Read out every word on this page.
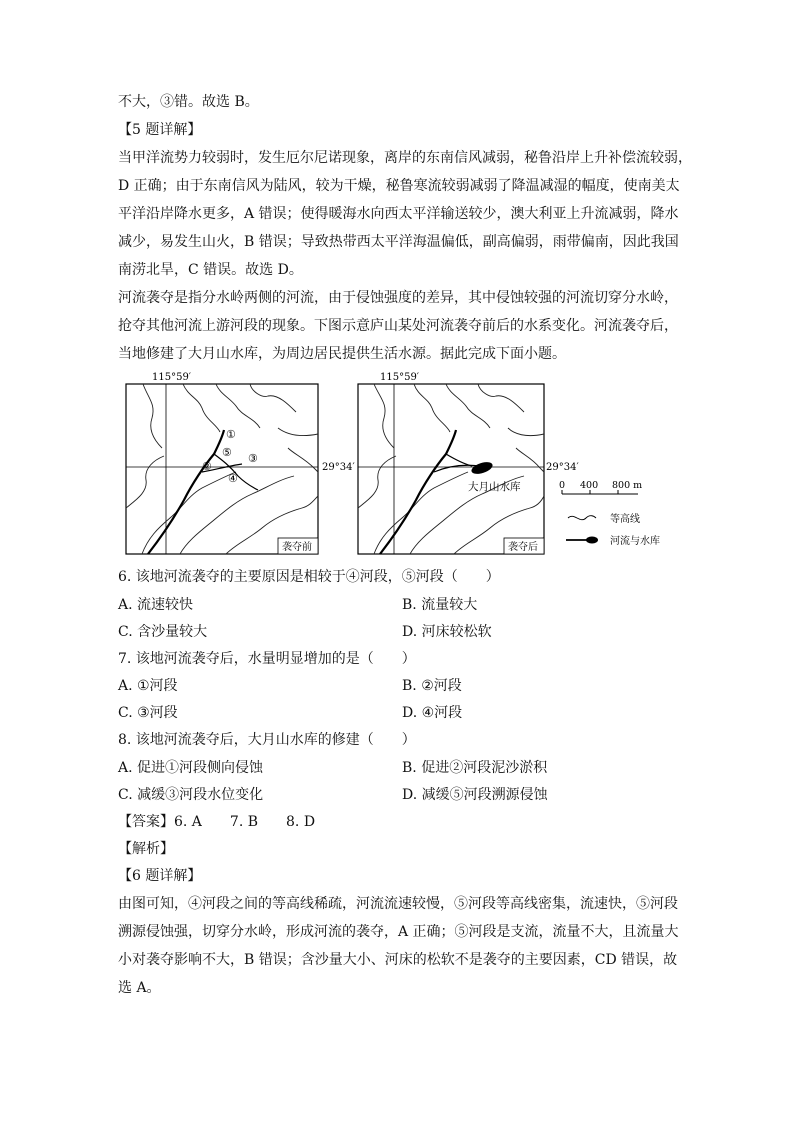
不大，③错。故选 B。
【5 题详解】
当甲洋流势力较弱时，发生厄尔尼诺现象，离岸的东南信风减弱，秘鲁沿岸上升补偿流较弱，
D 正确；由于东南信风为陆风，较为干燥，秘鲁寒流较弱减弱了降温减湿的幅度，使南美太
平洋沿岸降水更多，A 错误；使得暖海水向西太平洋输送较少，澳大利亚上升流减弱，降水
减少，易发生山火，B 错误；导致热带西太平洋海温偏低，副高偏弱，雨带偏南，因此我国
南涝北旱，C 错误。故选 D。
河流袭夺是指分水岭两侧的河流，由于侵蚀强度的差异，其中侵蚀较强的河流切穿分水岭，
抢夺其他河流上游河段的现象。下图示意庐山某处河流袭夺前后的水系变化。河流袭夺后，
当地修建了大月山水库，为周边居民提供生活水源。据此完成下面小题。
115°59′
①
②
③
④
⑤
袭夺前
29°34′
115°59′
大月山水库
袭夺后
29°34′
0 400 800 m
等高线
河流与水库
6. 该地河流袭夺的主要原因是相较于④河段，⑤河段（　　）
A. 流速较快	B. 流量较大
C. 含沙量较大	D. 河床较松软
7. 该地河流袭夺后，水量明显增加的是（　　）
A. ①河段	B. ②河段
C. ③河段	D. ④河段
8. 该地河流袭夺后，大月山水库的修建（　　）
A. 促进①河段侧向侵蚀	B. 促进②河段泥沙淤积
C. 减缓③河段水位变化	D. 减缓⑤河段溯源侵蚀
【答案】6. A　　7. B　　8. D
【解析】
【6 题详解】
由图可知，④河段之间的等高线稀疏，河流流速较慢，⑤河段等高线密集，流速快，⑤河段
溯源侵蚀强，切穿分水岭，形成河流的袭夺，A 正确；⑤河段是支流，流量不大，且流量大
小对袭夺影响不大，B 错误；含沙量大小、河床的松软不是袭夺的主要因素，CD 错误，故
选 A。
